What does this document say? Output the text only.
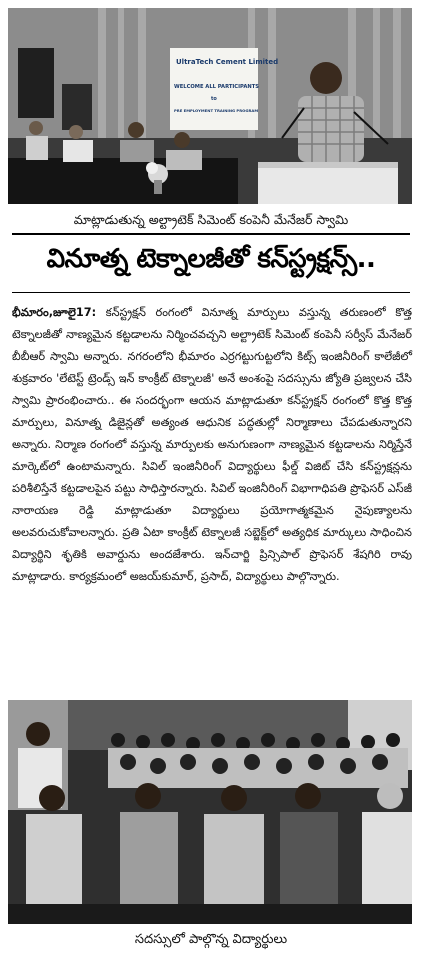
UltraTech Cement Limited
WELCOME ALL PARTICIPANTS
to
PRE EMPLOYMENT TRAINING PROGRAM
మాట్లాడుతున్న అల్ట్రాటెక్ సిమెంట్ కంపెనీ మేనేజర్ స్వామి
వినూత్న టెక్నాలజీతో కన్‌స్ట్రక్షన్స్..

భీమారం,జూలై17: కన్‌స్ట్రక్షన్ రంగంలో వినూత్న మార్పులు వస్తున్న తరుణంలో కొత్త టెక్నాలజీతో నాణ్యమైన కట్టడాలను నిర్మించవచ్చని అల్ట్రాటెక్ సిమెంట్ కంపెనీ సర్వీస్ మేనేజర్ బీబీఆర్ స్వామి అన్నారు. నగరంలోని భీమారం ఎర్రగట్టుగుట్టలోని కిట్స్ ఇంజినీరింగ్ కాలేజీలో శుక్రవారం 'లేటెస్ట్ ట్రెండ్స్ ఇన్ కాంక్రీట్ టెక్నాలజీ' అనే అంశంపై సదస్సును జ్యోతి ప్రజ్వలన చేసి స్వామి ప్రారంభించారు.. ఈ సందర్భంగా ఆయన మాట్లాడుతూ కన్‌స్ట్రక్షన్ రంగంలో కొత్త కొత్త మార్పులు, వినూత్న డిజైన్లతో అత్యంత ఆధునిక పద్ధతుల్లో నిర్మాణాలు చేపడుతున్నారని అన్నారు. నిర్మాణ రంగంలో వస్తున్న మార్పులకు అనుగుణంగా నాణ్యమైన కట్టడాలను నిర్మిస్తేనే మార్కెట్‌లో ఉంటామన్నారు. సివిల్ ఇంజినీరింగ్ విద్యార్థులు ఫీల్డ్ విజిట్ చేసి కన్‌స్ట్రక్షన్లను పరిశీలిస్తేనే కట్టడాలపైన పట్టు సాధిస్తారన్నారు. సివిల్ ఇంజినీరింగ్ విభాగాధిపతి ప్రొఫెసర్ ఎస్‌జీ నారాయణ రెడ్డి మాట్లాడుతూ విద్యార్థులు ప్రయోగాత్మకమైన నైపుణ్యాలను అలవరుచుకోవాలన్నారు. ప్రతి ఏటా కాంక్రీట్ టెక్నాలజీ సబ్జెక్ట్‌లో అత్యధిక మార్కులు సాధించిన విద్యార్థిని శృతికి అవార్డును అందజేశారు. ఇన్‌చార్జి ప్రిన్సిపాల్ ప్రొఫెసర్ శేషగిరి రావు మాట్లాడారు. కార్యక్రమంలో అజయ్‌కుమార్, ప్రసాద్, విద్యార్థులు పాల్గొన్నారు.

సదస్సులో పాల్గొన్న విద్యార్థులు
